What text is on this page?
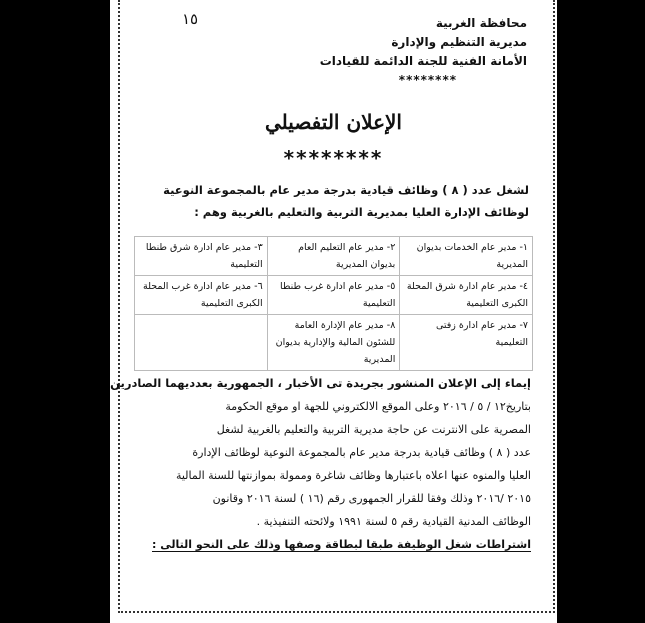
١٥	محافظة الغربية
مديرية التنظيم والإدارة
الأمانة الفنية للجنة الدائمة للقيادات
********
الإعلان التفصيلي
********
لشغل عدد ( ٨ ) وظائف قيادية بدرجة مدير عام بالمجموعة النوعية
لوظائف الإدارة العليا بمديرية التربية والتعليم بالغربية وهم :
١- مدير عام الخدمات بديوان المديرية	٢- مدير عام التعليم العام بديوان المديرية	٣- مدير عام ادارة شرق طنطا التعليمية
٤- مدير عام ادارة شرق المحلة الكبرى التعليمية	٥- مدير عام ادارة غرب طنطا التعليمية	٦- مدير عام ادارة غرب المحلة الكبرى التعليمية
٧- مدير عام ادارة زفتى التعليمية	٨- مدير عام الإدارة العامة للشئون المالية والإدارية بديوان المديرية	
إيماء إلى الإعلان المنشور بجريدة تى الأخبار ، الجمهورية بعدديهما الصادرين
بتاريخ١٢ / ٥ / ٢٠١٦ وعلى الموقع الالكتروني للجهة او موقع الحكومة
المصرية على الانترنت عن حاجة مديرية التربية والتعليم بالغربية لشغل
عدد ( ٨ ) وظائف قيادية بدرجة مدير عام بالمجموعة النوعية لوظائف الإدارة
العليا والمنوه عنها اعلاه باعتبارها وظائف شاغرة وممولة بموازنتها للسنة المالية
٢٠١٥ /٢٠١٦ وذلك وفقا للقرار الجمهورى رقم (١٦ ) لسنة ٢٠١٦ وقانون
الوظائف المدنية القيادية رقم ٥ لسنة ١٩٩١ ولائحته التنفيذية .
اشتراطات شغل الوظيفة طبقا لبطاقة وصفها وذلك على النحو التالى :
